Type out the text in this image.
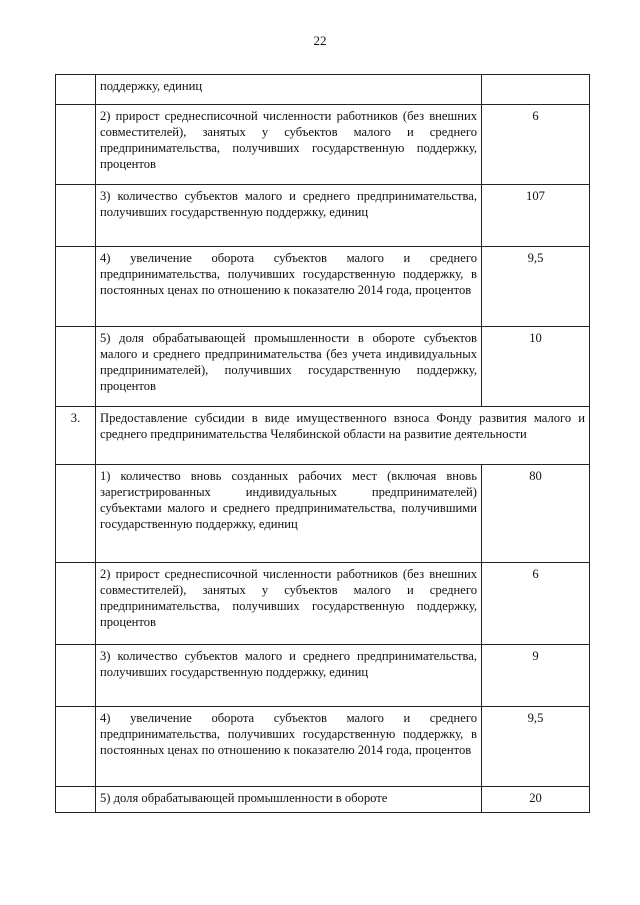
22
	поддержку, единиц	
	2) прирост среднесписочной численности работников (без внешних совместителей), занятых у субъектов малого и среднего предпринимательства, получивших государственную поддержку, процентов	6
	3) количество субъектов малого и среднего предпринимательства, получивших государственную поддержку, единиц	107
	4) увеличение оборота субъектов малого и среднего предпринимательства, получивших государственную поддержку, в постоянных ценах по отношению к показателю 2014 года, процентов	9,5
	5) доля обрабатывающей промышленности в обороте субъектов малого и среднего предпринимательства (без учета индивидуальных предпринимателей), получивших государственную поддержку, процентов	10
3.	Предоставление субсидии в виде имущественного взноса Фонду развития малого и среднего предпринимательства Челябинской области на развитие деятельности	
	1) количество вновь созданных рабочих мест (включая вновь зарегистрированных индивидуальных предпринимателей) субъектами малого и среднего предпринимательства, получившими государственную поддержку, единиц	80
	2) прирост среднесписочной численности работников (без внешних совместителей), занятых у субъектов малого и среднего предпринимательства, получивших государственную поддержку, процентов	6
	3) количество субъектов малого и среднего предпринимательства, получивших государственную поддержку, единиц	9
	4) увеличение оборота субъектов малого и среднего предпринимательства, получивших государственную поддержку, в постоянных ценах по отношению к показателю 2014 года, процентов	9,5
	5) доля обрабатывающей промышленности в обороте	20
